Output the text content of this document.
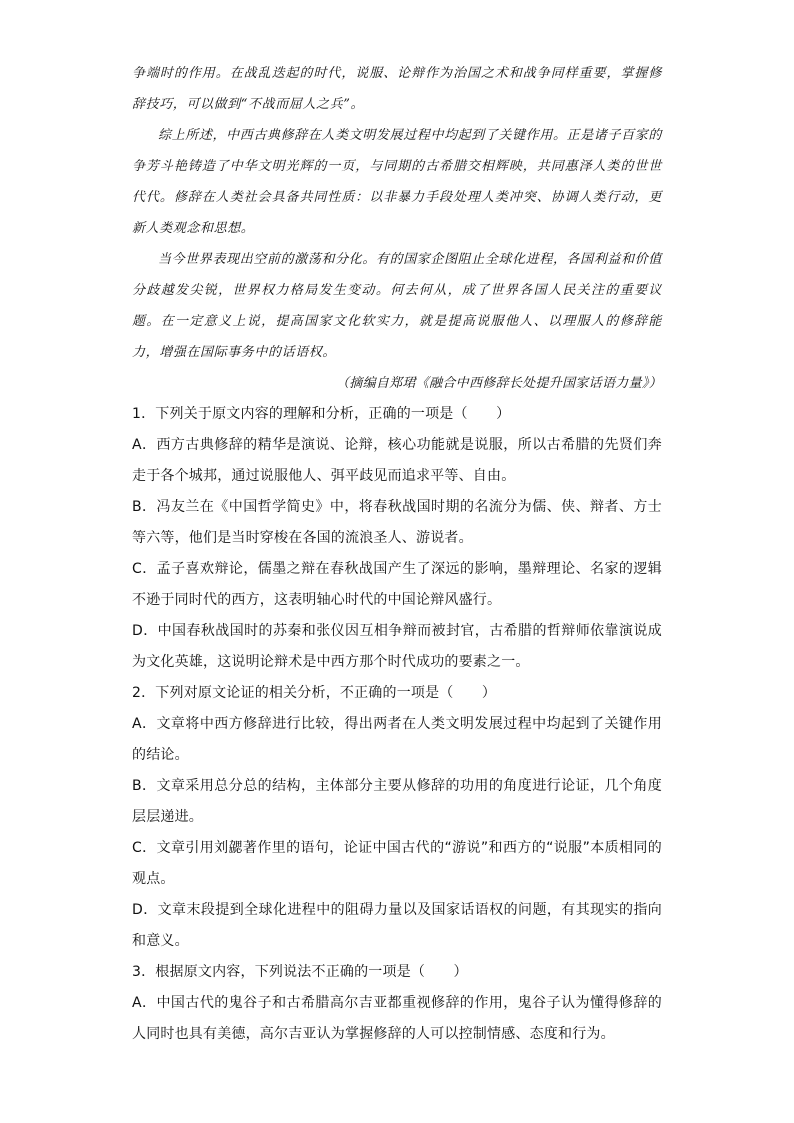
争端时的作用。在战乱迭起的时代，说服、论辩作为治国之术和战争同样重要，掌握修辞技巧，可以做到“不战而屈人之兵”。

综上所述，中西古典修辞在人类文明发展过程中均起到了关键作用。正是诸子百家的争芳斗艳铸造了中华文明光辉的一页，与同期的古希腊交相辉映，共同惠泽人类的世世代代。修辞在人类社会具备共同性质：以非暴力手段处理人类冲突、协调人类行动，更新人类观念和思想。

当今世界表现出空前的激荡和分化。有的国家企图阻止全球化进程，各国利益和价值分歧越发尖锐，世界权力格局发生变动。何去何从，成了世界各国人民关注的重要议题。在一定意义上说，提高国家文化软实力，就是提高说服他人、以理服人的修辞能力，增强在国际事务中的话语权。

（摘编自郑珺《融合中西修辞长处提升国家话语力量》）
1．下列关于原文内容的理解和分析，正确的一项是（　　）
A．西方古典修辞的精华是演说、论辩，核心功能就是说服，所以古希腊的先贤们奔走于各个城邦，通过说服他人、弭平歧见而追求平等、自由。
B．冯友兰在《中国哲学简史》中，将春秋战国时期的名流分为儒、侠、辩者、方士等六等，他们是当时穿梭在各国的流浪圣人、游说者。
C．孟子喜欢辩论，儒墨之辩在春秋战国产生了深远的影响，墨辩理论、名家的逻辑不逊于同时代的西方，这表明轴心时代的中国论辩风盛行。
D．中国春秋战国时的苏秦和张仪因互相争辩而被封官，古希腊的哲辩师依靠演说成为文化英雄，这说明论辩术是中西方那个时代成功的要素之一。
2．下列对原文论证的相关分析，不正确的一项是（　　）
A．文章将中西方修辞进行比较，得出两者在人类文明发展过程中均起到了关键作用的结论。
B．文章采用总分总的结构，主体部分主要从修辞的功用的角度进行论证，几个角度层层递进。
C．文章引用刘勰著作里的语句，论证中国古代的“游说”和西方的“说服”本质相同的观点。
D．文章末段提到全球化进程中的阻碍力量以及国家话语权的问题，有其现实的指向和意义。
3．根据原文内容，下列说法不正确的一项是（　　）
A．中国古代的鬼谷子和古希腊高尔吉亚都重视修辞的作用，鬼谷子认为懂得修辞的人同时也具有美德，高尔吉亚认为掌握修辞的人可以控制情感、态度和行为。
